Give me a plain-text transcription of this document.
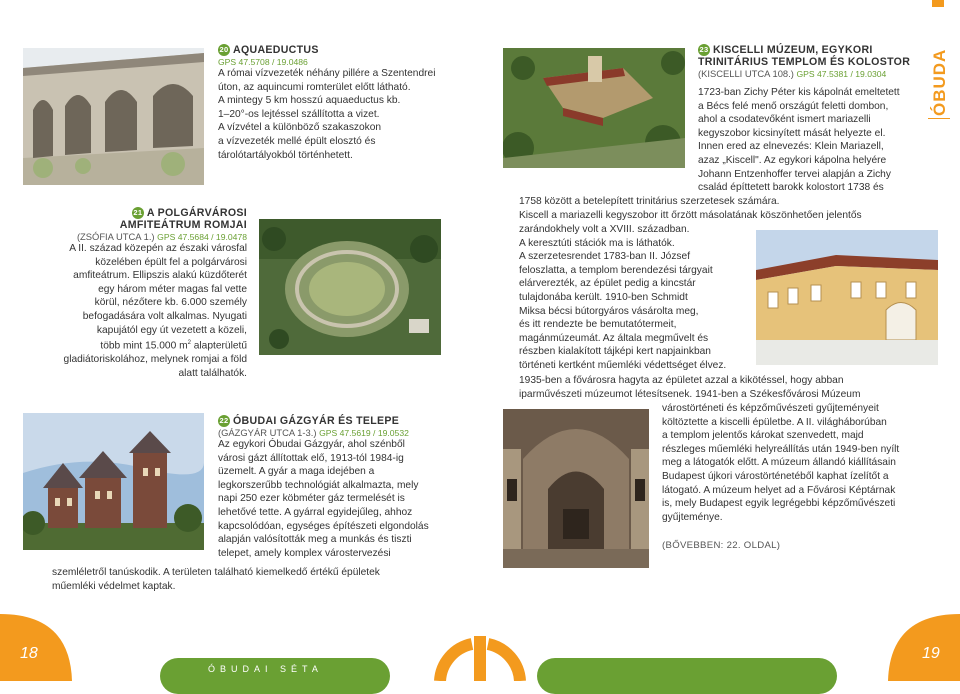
20 AQUAEDUCTUS
GPS 47.5708 / 19.0486
A római vízvezeték néhány pillére a Szentendrei
úton, az aquincumi romterület előtt látható.
A mintegy 5 km hosszú aquaeductus kb.
1–20°-os lejtéssel szállította a vizet.
A vízvétel a különböző szakaszokon
a vízvezeték mellé épült elosztó és
tárolótartályokból történhetett.
21 A POLGÁRVÁROSI
AMFITEÁTRUM ROMJAI
(ZSÓFIA UTCA 1.) GPS 47.5684 / 19.0478
A II. század közepén az északi városfal
közelében épült fel a polgárvárosi
amfiteátrum. Ellipszis alakú küzdőterét
egy három méter magas fal vette
körül, nézőtere kb. 6.000 személy
befogadására volt alkalmas. Nyugati
kapujától egy út vezetett a közeli,
több mint 15.000 $m^2$ alapterületű
gladiátoriskolához, melynek romjai a föld
alatt találhatók.
22 ÓBUDAI GÁZGYÁR ÉS TELEPE
(GÁZGYÁR UTCA 1-3.) GPS 47.5619 / 19.0532
Az egykori Óbudai Gázgyár, ahol szénből
városi gázt állítottak elő, 1913-tól 1984-ig
üzemelt. A gyár a maga idejében a
legkorszerűbb technológiát alkalmazta, mely
napi 250 ezer köbméter gáz termelését is
lehetővé tette. A gyárral egyidejűleg, ahhoz
kapcsolódóan, egységes építészeti elgondolás
alapján valósították meg a munkás és tiszti
telepet, amely komplex várostervezési
szemléletről tanúskodik. A területen található kiemelkedő értékű épületek
műemléki védelmet kaptak.
23 KISCELLI MÚZEUM, EGYKORI
TRINITÁRIUS TEMPLOM ÉS KOLOSTOR
(KISCELLI UTCA 108.) GPS 47.5381 / 19.0304	ÓBUDA
1723-ban Zichy Péter kis kápolnát emeltetett
a Bécs felé menő országút feletti dombon,
ahol a csodatevőként ismert mariazelli
kegyszobor kicsinyített mását helyezte el.
Innen ered az elnevezés: Klein Mariazell,
azaz „Kiscell". Az egykori kápolna helyére
Johann Entzenhoffer tervei alapján a Zichy
család építtetett barokk kolostort 1738 és
1758 között a betelepített trinitárius szerzetesek számára.
Kiscell a mariazelli kegyszobor itt őrzött másolatának köszönhetően jelentős
zarándokhely volt a XVIII. században.
A keresztúti stációk ma is láthatók.
A szerzetesrendet 1783-ban II. József
feloszlatta, a templom berendezési tárgyait
elárverezték, az épület pedig a kincstár
tulajdonába került. 1910-ben Schmidt
Miksa bécsi bútorgyáros vásárolta meg,
és itt rendezte be bemutatótermeit,
magánmúzeumát. Az általa megművelt és
részben kialakított tájképi kert napjainkban
történeti kertként műemléki védettséget élvez.
1935-ben a fővárosra hagyta az épületet azzal a kikötéssel, hogy abban
iparművészeti múzeumot létesítsenek. 1941-ben a Székesfővárosi Múzeum
várostörténeti és képzőművészeti gyűjteményeit
költöztette a kiscelli épületbe. A II. világháborúban
a templom jelentős károkat szenvedett, majd
részleges műemléki helyreállítás után 1949-ben nyílt
meg a látogatók előtt. A múzeum állandó kiállításain
Budapest újkori várostörténetéből kaphat ízelítőt a
látogató. A múzeum helyet ad a Fővárosi Képtárnak
is, mely Budapest egyik legrégebbi képzőművészeti
gyűjteménye.
(BŐVEBBEN: 22. OLDAL)
18	19
ÓBUDAI SÉTA
